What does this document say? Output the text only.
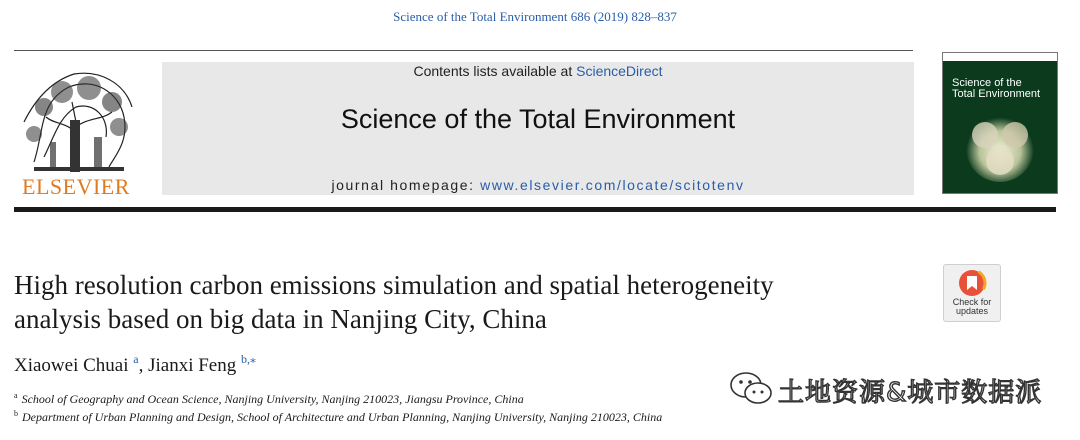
Science of the Total Environment 686 (2019) 828–837
ELSEVIER
Contents lists available at ScienceDirect
Science of the Total Environment
journal homepage: www.elsevier.com/locate/scitotenv
Science of the
Total Environment
High resolution carbon emissions simulation and spatial heterogeneity
analysis based on big data in Nanjing City, China
Xiaowei Chuai $^a$, Jianxi Feng $^{b,⁎}$
$^a$ School of Geography and Ocean Science, Nanjing University, Nanjing 210023, Jiangsu Province, China
$^b$ Department of Urban Planning and Design, School of Architecture and Urban Planning, Nanjing University, Nanjing 210023, China
Check for
updates
土地资源&城市数据派
